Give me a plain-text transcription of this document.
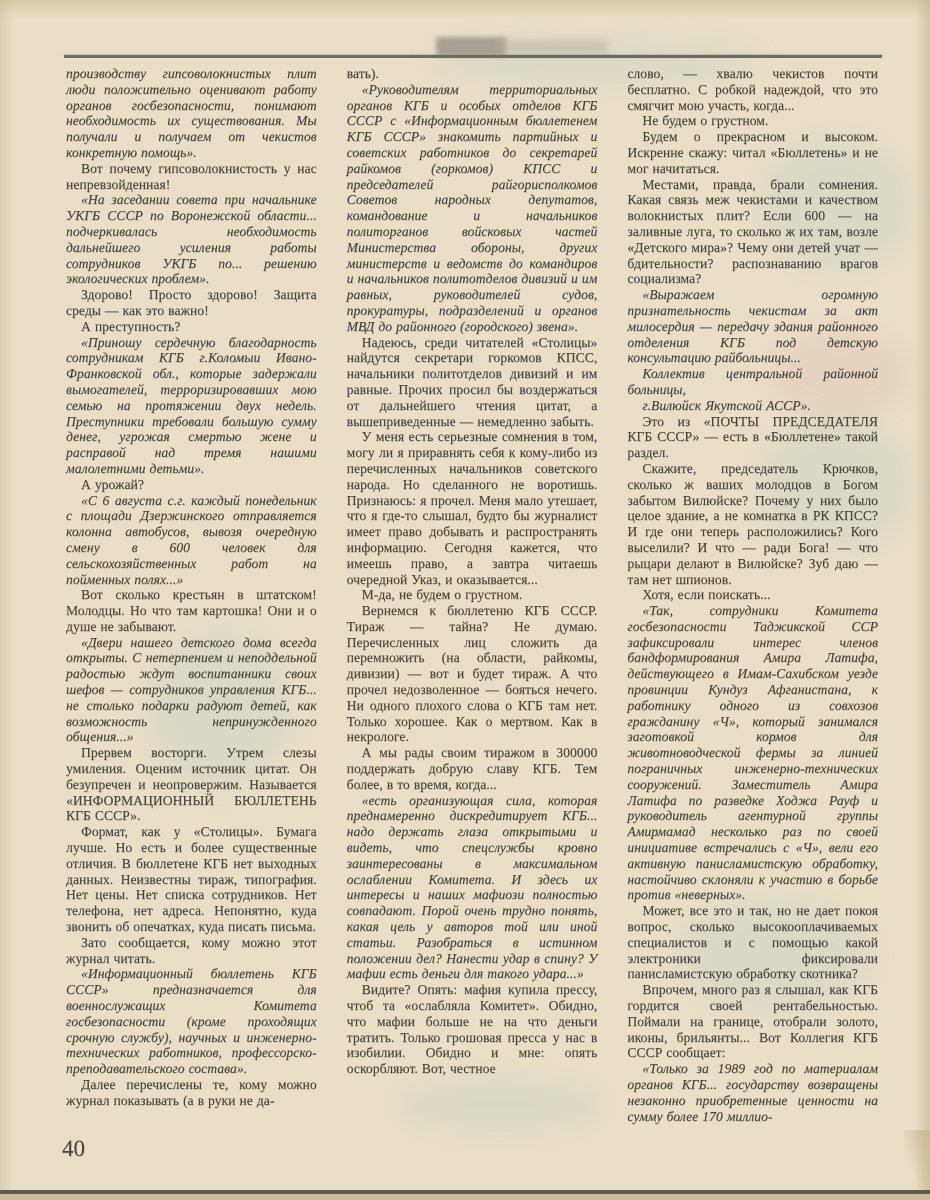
производству гипсоволокнистых плит люди положительно оценивают работу органов госбезопасности, понимают необходимость их существования. Мы получали и получаем от чекистов конкретную помощь».

Вот почему гипсоволокнистость у нас непревзойденная!

«На заседании совета при начальнике УКГБ СССР по Воронежской области... подчеркивалась необходимость дальнейшего усиления работы сотрудников УКГБ по... решению экологических проблем».

Здорово! Просто здорово! Защита среды — как это важно!

А преступность?

«Приношу сердечную благодарность сотрудникам КГБ г.Коломыи Ивано-Франковской обл., которые задержали вымогателей, терроризировавших мою семью на протяжении двух недель. Преступники требовали большую сумму денег, угрожая смертью жене и расправой над тремя нашими малолетними детьми».

А урожай?

«С 6 августа с.г. каждый понедельник с площади Дзержинского отправляется колонна автобусов, вывозя очередную смену в 600 человек для сельскохозяйственных работ на пойменных полях...»

Вот сколько крестьян в штатском! Молодцы. Но что там картошка! Они и о душе не забывают.

«Двери нашего детского дома всегда открыты. С нетерпением и неподдельной радостью ждут воспитанники своих шефов — сотрудников управления КГБ... не столько подарки радуют детей, как возможность непринужденного общения...»

Прервем восторги. Утрем слезы умиления. Оценим источник цитат. Он безупречен и неопровержим. Называется «ИНФОРМАЦИОННЫЙ БЮЛЛЕТЕНЬ КГБ СССР».

Формат, как у «Столицы». Бумага лучше. Но есть и более существенные отличия. В бюллетене КГБ нет выходных данных. Неизвестны тираж, типография. Нет цены. Нет списка сотрудников. Нет телефона, нет адреса. Непонятно, куда звонить об опечатках, куда писать письма.

Зато сообщается, кому можно этот журнал читать.

«Информационный бюллетень КГБ СССР» предназначается для военнослужащих Комитета госбезопасности (кроме проходящих срочную службу), научных и инженерно-технических работников, профессорско-преподавательского состава».

Далее перечислены те, кому можно журнал показывать (а в руки не да-

вать).

«Руководителям территориальных органов КГБ и особых отделов КГБ СССР с «Информационным бюллетенем КГБ СССР» знакомить партийных и советских работников до секретарей райкомов (горкомов) КПСС и председателей райгорисполкомов Советов народных депутатов, командование и начальников политорганов войсковых частей Министерства обороны, других министерств и ведомств до командиров и начальников политотделов дивизий и им равных, руководителей судов, прокуратуры, подразделений и органов МВД до районного (городского) звена».

Надеюсь, среди читателей «Столицы» найдутся секретари горкомов КПСС, начальники политотделов дивизий и им равные. Прочих просил бы воздержаться от дальнейшего чтения цитат, а вышеприведенные — немедленно забыть.

У меня есть серьезные сомнения в том, могу ли я приравнять себя к кому-либо из перечисленных начальников советского народа. Но сделанного не воротишь. Признаюсь: я прочел. Меня мало утешает, что я где-то слышал, будто бы журналист имеет право добывать и распространять информацию. Сегодня кажется, что имеешь право, а завтра читаешь очередной Указ, и оказывается...

М-да, не будем о грустном.

Вернемся к бюллетеню КГБ СССР. Тираж — тайна? Не думаю. Перечисленных лиц сложить да перемножить (на области, райкомы, дивизии) — вот и будет тираж. А что прочел недозволенное — бояться нечего. Ни одного плохого слова о КГБ там нет. Только хорошее. Как о мертвом. Как в некрологе.

А мы рады своим тиражом в 300000 поддержать добрую славу КГБ. Тем более, в то время, когда...

«есть организующая сила, которая преднамеренно дискредитирует КГБ... надо держать глаза открытыми и видеть, что спецслужбы кровно заинтересованы в максимальном ослаблении Комитета. И здесь их интересы и наших мафиози полностью совпадают. Порой очень трудно понять, какая цель у авторов той или иной статьи. Разобраться в истинном положении дел? Нанести удар в спину? У мафии есть деньги для такого удара...»

Видите? Опять: мафия купила прессу, чтоб та «ослабляла Комитет». Обидно, что мафии больше не на что деньги тратить. Только грошовая пресса у нас в изобилии. Обидно и мне: опять оскорбляют. Вот, честное

слово, — хвалю чекистов почти бесплатно. С робкой надеждой, что это смягчит мою участь, когда...

Не будем о грустном.

Будем о прекрасном и высоком. Искренне скажу: читал «Бюллетень» и не мог начитаться.

Местами, правда, брали сомнения. Какая связь меж чекистами и качеством волокнистых плит? Если 600 — на заливные луга, то сколько ж их там, возле «Детского мира»? Чему они детей учат — бдительности? распознаванию врагов социализма?

«Выражаем огромную признательность чекистам за акт милосердия — передачу здания районного отделения КГБ под детскую консультацию райбольницы...

Коллектив центральной районной больницы,

г.Вилюйск Якутской АССР».

Это из «ПОЧТЫ ПРЕДСЕДАТЕЛЯ КГБ СССР» — есть в «Бюллетене» такой раздел.

Скажите, председатель Крючков, сколько ж ваших молодцов в Богом забытом Вилюйске? Почему у них было целое здание, а не комнатка в РК КПСС? И где они теперь расположились? Кого выселили? И что — ради Бога! — что рыцари делают в Вилюйске? Зуб даю — там нет шпионов.

Хотя, если поискать...

«Так, сотрудники Комитета госбезопасности Таджикской ССР зафиксировали интерес членов бандформирования Амира Латифа, действующего в Имам-Сахибском уезде провинции Кундуз Афганистана, к работнику одного из совхозов гражданину «Ч», который занимался заготовкой кормов для животноводческой фермы за линией пограничных инженерно-технических сооружений. Заместитель Амира Латифа по разведке Ходжа Рауф и руководитель агентурной группы Амирмамад несколько раз по своей инициативе встречались с «Ч», вели его активную панисламистскую обработку, настойчиво склоняли к участию в борьбе против «неверных».

Может, все это и так, но не дает покоя вопрос, сколько высокооплачиваемых специалистов и с помощью какой электроники фиксировали панисламистскую обработку скотника?

Впрочем, много раз я слышал, как КГБ гордится своей рентабельностью. Поймали на границе, отобрали золото, иконы, брильянты... Вот Коллегия КГБ СССР сообщает:

«Только за 1989 год по материалам органов КГБ... государству возвращены незаконно приобретенные ценности на сумму более 170 миллио-

40
